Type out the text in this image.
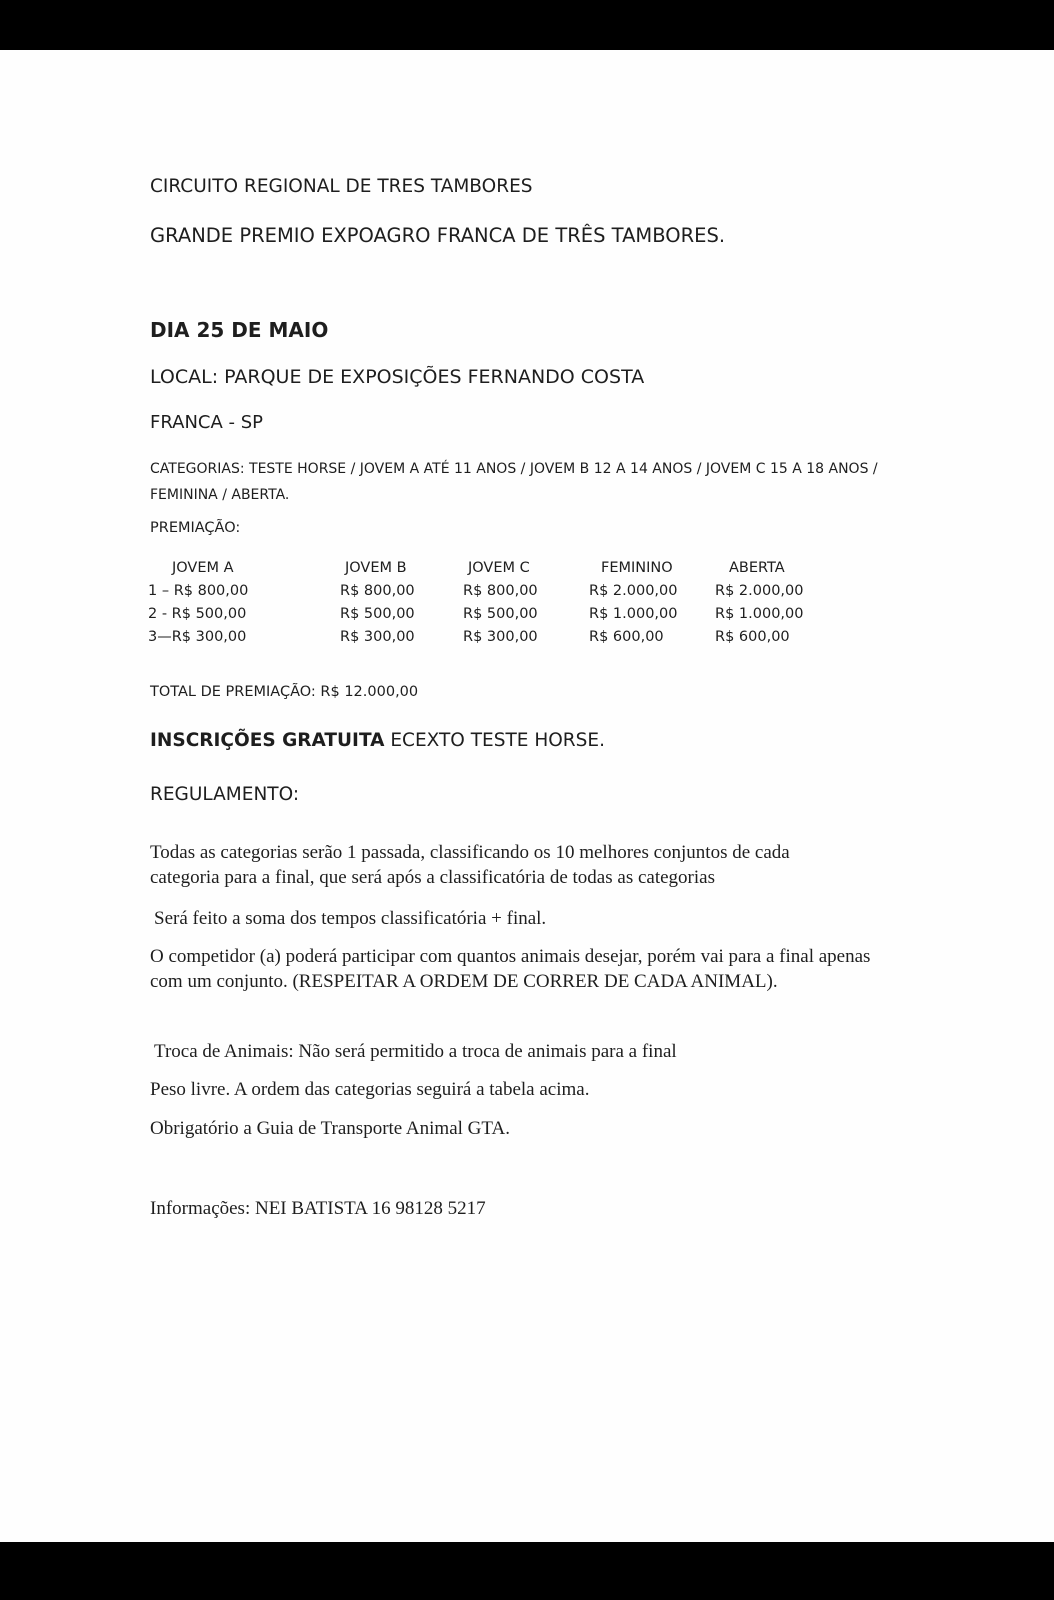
CIRCUITO REGIONAL DE TRES TAMBORES
GRANDE PREMIO EXPOAGRO FRANCA DE TRÊS TAMBORES.
DIA 25 DE MAIO
LOCAL: PARQUE DE EXPOSIÇÕES FERNANDO COSTA
FRANCA - SP
CATEGORIAS: TESTE HORSE / JOVEM A ATÉ 11 ANOS / JOVEM B 12 A 14 ANOS / JOVEM C 15 A 18 ANOS / FEMININA / ABERTA.
PREMIAÇÃO:
JOVEM A
1 – R$ 800,00
2 - R$ 500,00
3—R$ 300,00
JOVEM B
R$ 800,00
R$ 500,00
R$ 300,00
JOVEM C
R$ 800,00
R$ 500,00
R$ 300,00
FEMININO
R$ 2.000,00
R$ 1.000,00
R$ 600,00
ABERTA
R$ 2.000,00
R$ 1.000,00
R$ 600,00
TOTAL DE PREMIAÇÃO: R$ 12.000,00
INSCRIÇÕES GRATUITA ECEXTO TESTE HORSE.
REGULAMENTO:
Todas as categorias serão 1 passada, classificando os 10 melhores conjuntos de cada categoria para a final, que será após a classificatória de todas as categorias
Será feito a soma dos tempos classificatória + final.
O competidor (a) poderá participar com quantos animais desejar, porém vai para a final apenas com um conjunto. (RESPEITAR A ORDEM DE CORRER DE CADA ANIMAL).
Troca de Animais: Não será permitido a troca de animais para a final
Peso livre. A ordem das categorias seguirá a tabela acima.
Obrigatório a Guia de Transporte Animal GTA.
Informações: NEI BATISTA 16 98128 5217
